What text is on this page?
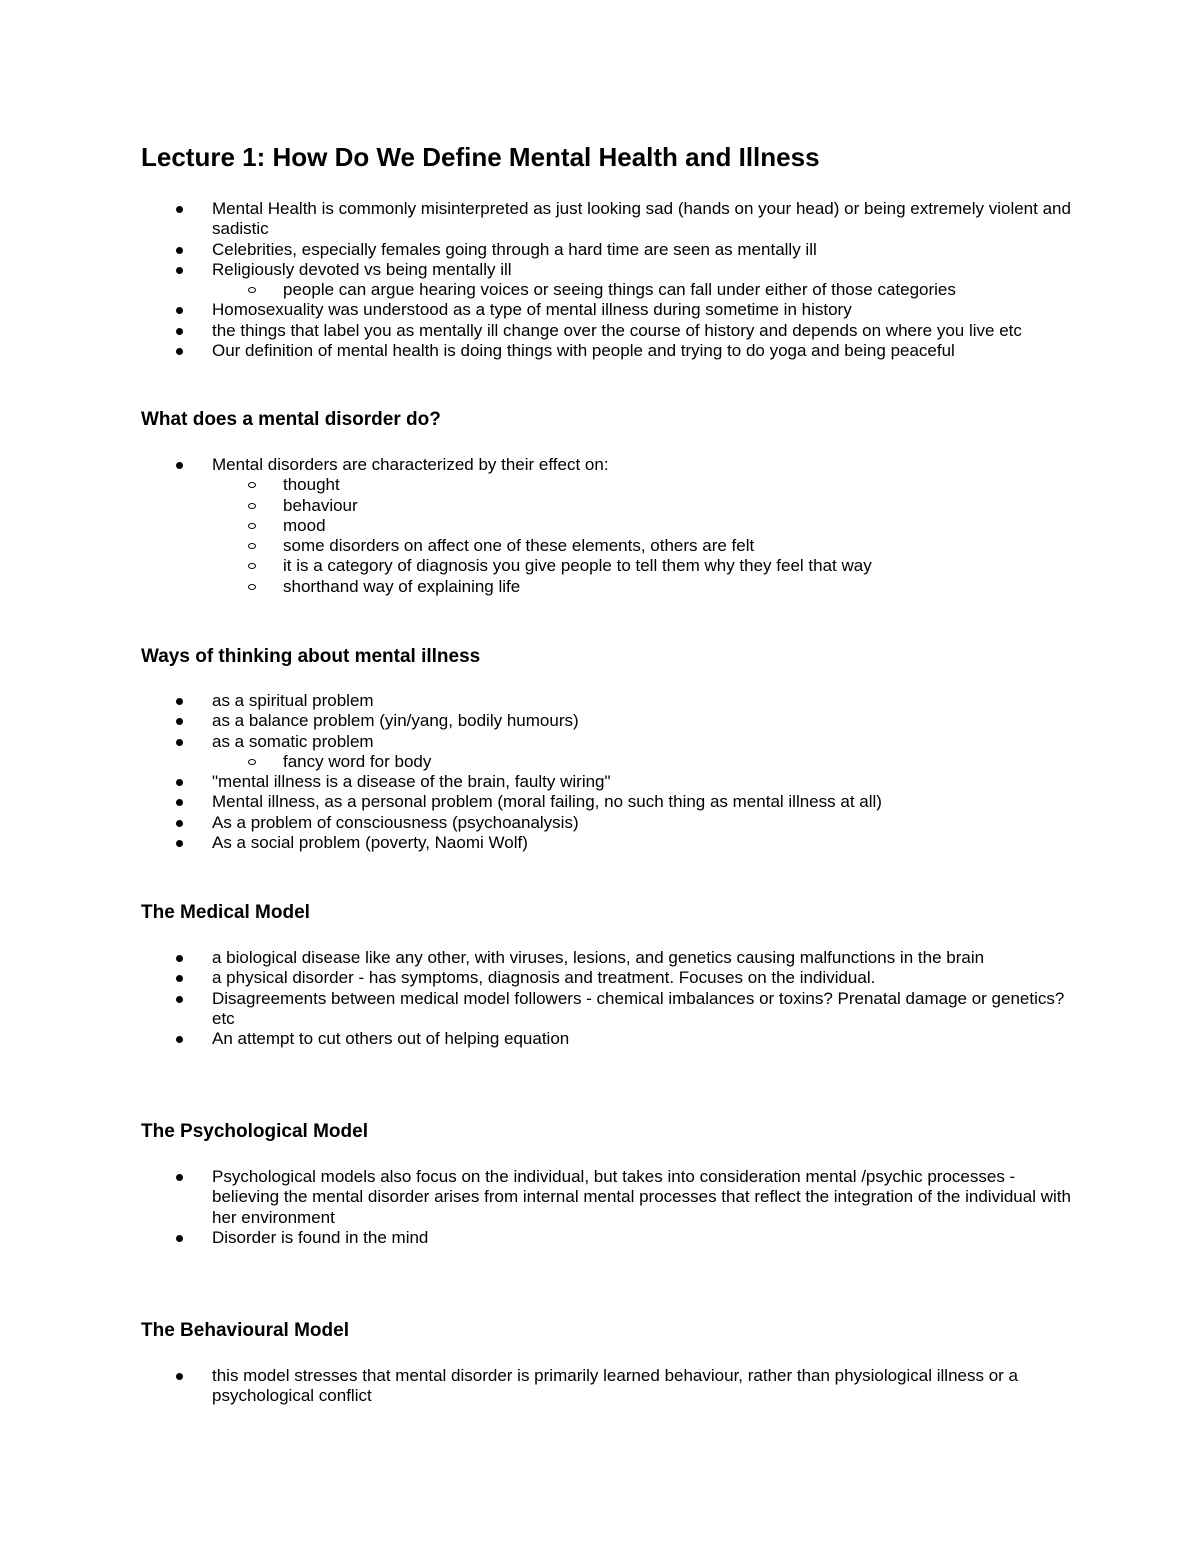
Lecture 1: How Do We Define Mental Health and Illness
Mental Health is commonly misinterpreted as just looking sad (hands on your head) or being extremely violent and sadistic
Celebrities, especially females going through a hard time are seen as mentally ill
Religiously devoted vs being mentally ill
people can argue hearing voices or seeing things can fall under either of those categories
Homosexuality was understood as a type of mental illness during sometime in history
the things that label you as mentally ill change over the course of history and depends on where you live etc
Our definition of mental health is doing things with people and trying to do yoga and being peaceful
What does a mental disorder do?
Mental disorders are characterized by their effect on:
thought
behaviour
mood
some disorders on affect one of these elements, others are felt
it is a category of diagnosis you give people to tell them why they feel that way
shorthand way of explaining life
Ways of thinking about mental illness
as a spiritual problem
as a balance problem (yin/yang, bodily humours)
as a somatic problem
fancy word for body
"mental illness is a disease of the brain, faulty wiring"
Mental illness, as a personal problem (moral failing, no such thing as mental illness at all)
As a problem of consciousness (psychoanalysis)
As a social problem (poverty, Naomi Wolf)
The Medical Model
a biological disease like any other, with viruses, lesions, and genetics causing malfunctions in the brain
a physical disorder - has symptoms, diagnosis and treatment. Focuses on the individual.
Disagreements between medical model followers - chemical imbalances or toxins? Prenatal damage or genetics? etc
An attempt to cut others out of helping equation
The Psychological Model
Psychological models also focus on the individual, but takes into consideration mental /psychic processes - believing the mental disorder arises from internal mental processes that reflect the integration of the individual with her environment
Disorder is found in the mind
The Behavioural Model
this model stresses that mental disorder is primarily learned behaviour, rather than physiological illness or a psychological conflict
